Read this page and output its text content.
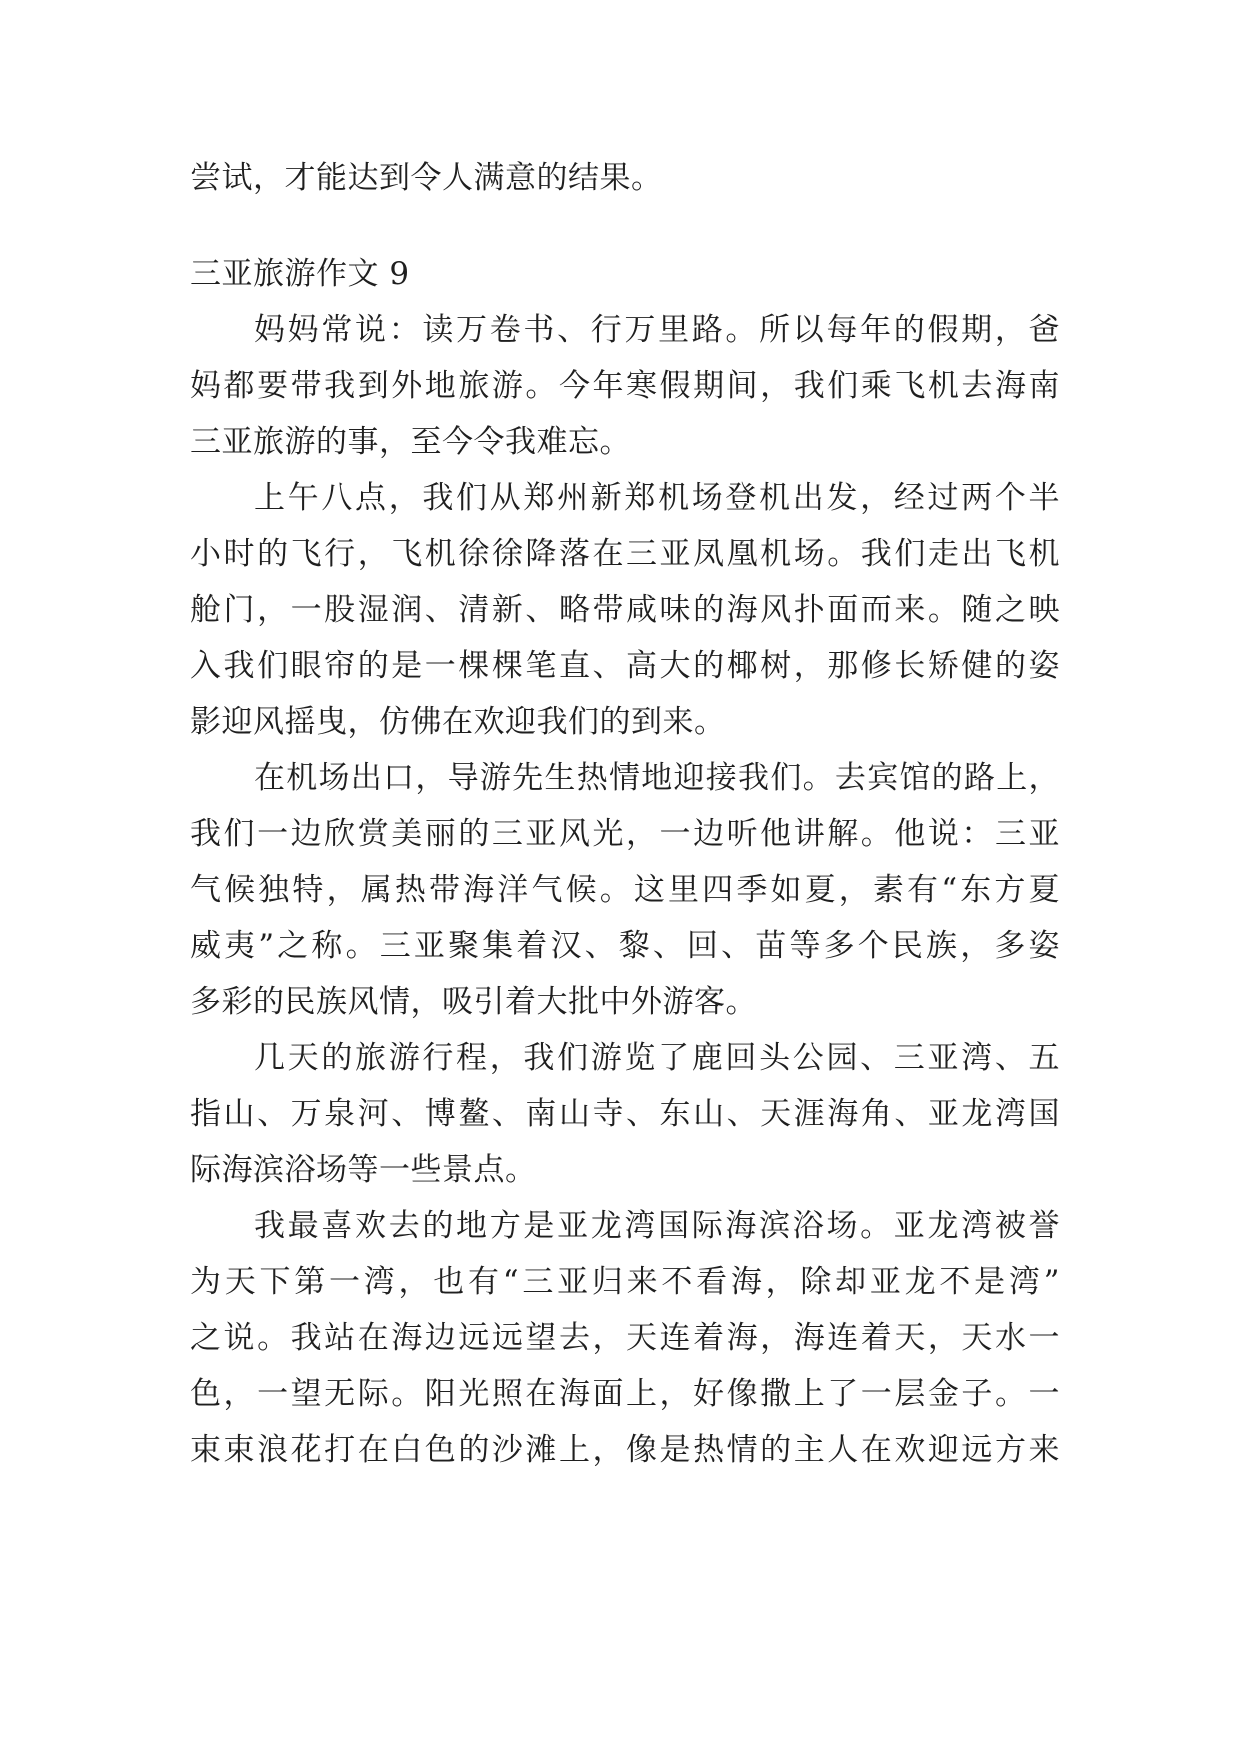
尝试，才能达到令人满意的结果。
三亚旅游作文 9
妈妈常说：读万卷书、行万里路。所以每年的假期，爸
妈都要带我到外地旅游。今年寒假期间，我们乘飞机去海南
三亚旅游的事，至今令我难忘。
上午八点，我们从郑州新郑机场登机出发，经过两个半
小时的飞行，飞机徐徐降落在三亚凤凰机场。我们走出飞机
舱门，一股湿润、清新、略带咸味的海风扑面而来。随之映
入我们眼帘的是一棵棵笔直、高大的椰树，那修长矫健的姿
影迎风摇曳，仿佛在欢迎我们的到来。
在机场出口，导游先生热情地迎接我们。去宾馆的路上，
我们一边欣赏美丽的三亚风光，一边听他讲解。他说：三亚
气候独特，属热带海洋气候。这里四季如夏，素有“东方夏
威夷”之称。三亚聚集着汉、黎、回、苗等多个民族，多姿
多彩的民族风情，吸引着大批中外游客。
几天的旅游行程，我们游览了鹿回头公园、三亚湾、五
指山、万泉河、博鳌、南山寺、东山、天涯海角、亚龙湾国
际海滨浴场等一些景点。
我最喜欢去的地方是亚龙湾国际海滨浴场。亚龙湾被誉
为天下第一湾，也有“三亚归来不看海，除却亚龙不是湾”
之说。我站在海边远远望去，天连着海，海连着天，天水一
色，一望无际。阳光照在海面上，好像撒上了一层金子。一
束束浪花打在白色的沙滩上，像是热情的主人在欢迎远方来
